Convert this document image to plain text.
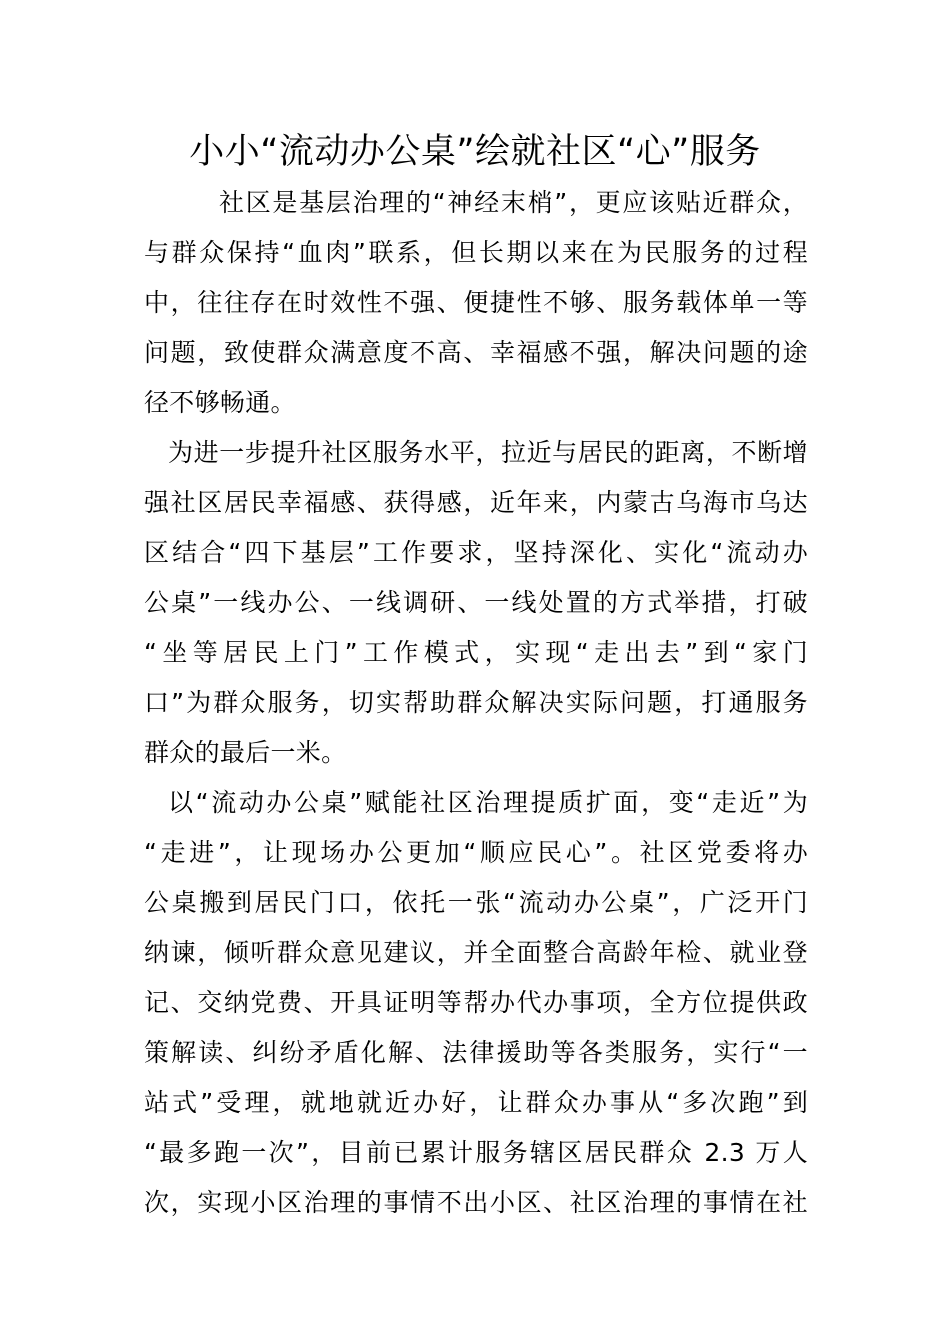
小小“流动办公桌”绘就社区“心”服务
社区是基层治理的“神经末梢”，更应该贴近群众，
与群众保持“血肉”联系，但长期以来在为民服务的过程
中，往往存在时效性不强、便捷性不够、服务载体单一等
问题，致使群众满意度不高、幸福感不强，解决问题的途
径不够畅通。
为进一步提升社区服务水平，拉近与居民的距离，不断增
强社区居民幸福感、获得感，近年来，内蒙古乌海市乌达
区结合“四下基层”工作要求，坚持深化、实化“流动办
公桌”一线办公、一线调研、一线处置的方式举措，打破
“坐等居民上门”工作模式，实现“走出去”到“家门
口”为群众服务，切实帮助群众解决实际问题，打通服务
群众的最后一米。
以“流动办公桌”赋能社区治理提质扩面，变“走近”为
“走进”，让现场办公更加“顺应民心”。社区党委将办
公桌搬到居民门口，依托一张“流动办公桌”，广泛开门
纳谏，倾听群众意见建议，并全面整合高龄年检、就业登
记、交纳党费、开具证明等帮办代办事项，全方位提供政
策解读、纠纷矛盾化解、法律援助等各类服务，实行“一
站式”受理，就地就近办好，让群众办事从“多次跑”到
“最多跑一次”，目前已累计服务辖区居民群众 2.3 万人
次，实现小区治理的事情不出小区、社区治理的事情在社
